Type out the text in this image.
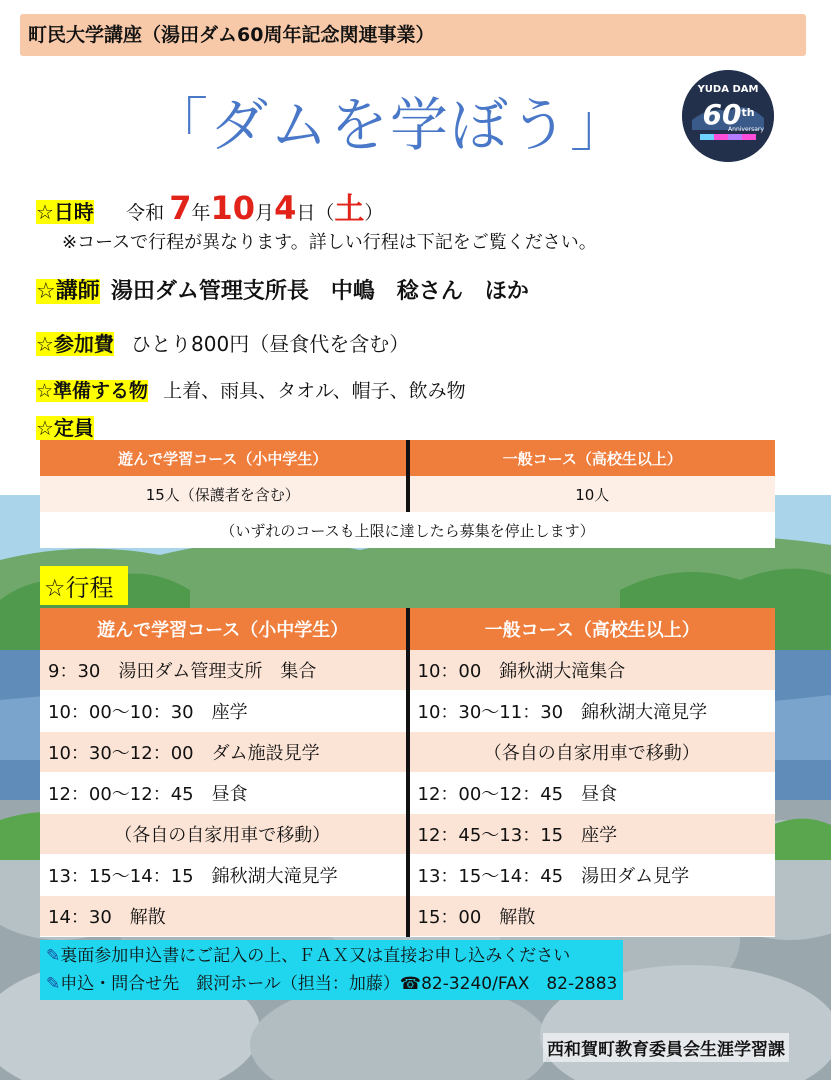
町民大学講座（湯田ダム60周年記念関連事業）
「ダムを学ぼう」
YUDA DAM
60 th
Anniversary
☆日時 令和 7年10月4日（土）
※コースで行程が異なります。詳しい行程は下記をご覧ください。
☆講師 湯田ダム管理支所長　中嶋　稔さん　ほか
☆参加費 ひとり800円（昼食代を含む）
☆準備する物 上着、雨具、タオル、帽子、飲み物
☆定員
遊んで学習コース（小中学生）	一般コース（高校生以上）
15人（保護者を含む）	10人
（いずれのコースも上限に達したら募集を停止します）	
☆行程
遊んで学習コース（小中学生）	一般コース（高校生以上）
9：30　湯田ダム管理支所　集合	10：00　錦秋湖大滝集合
10：00～10：30　座学	10：30～11：30　錦秋湖大滝見学
10：30～12：00　ダム施設見学	（各自の自家用車で移動）
12：00～12：45　昼食	12：00～12：45　昼食
（各自の自家用車で移動）	12：45～13：15　座学
13：15～14：15　錦秋湖大滝見学	13：15～14：45　湯田ダム見学
14：30　解散	15：00　解散
✎裏面参加申込書にご記入の上、ＦＡＸ又は直接お申し込みください
✎申込・問合せ先　銀河ホール（担当：加藤）☎82-3240/FAX　82-2883
西和賀町教育委員会生涯学習課
